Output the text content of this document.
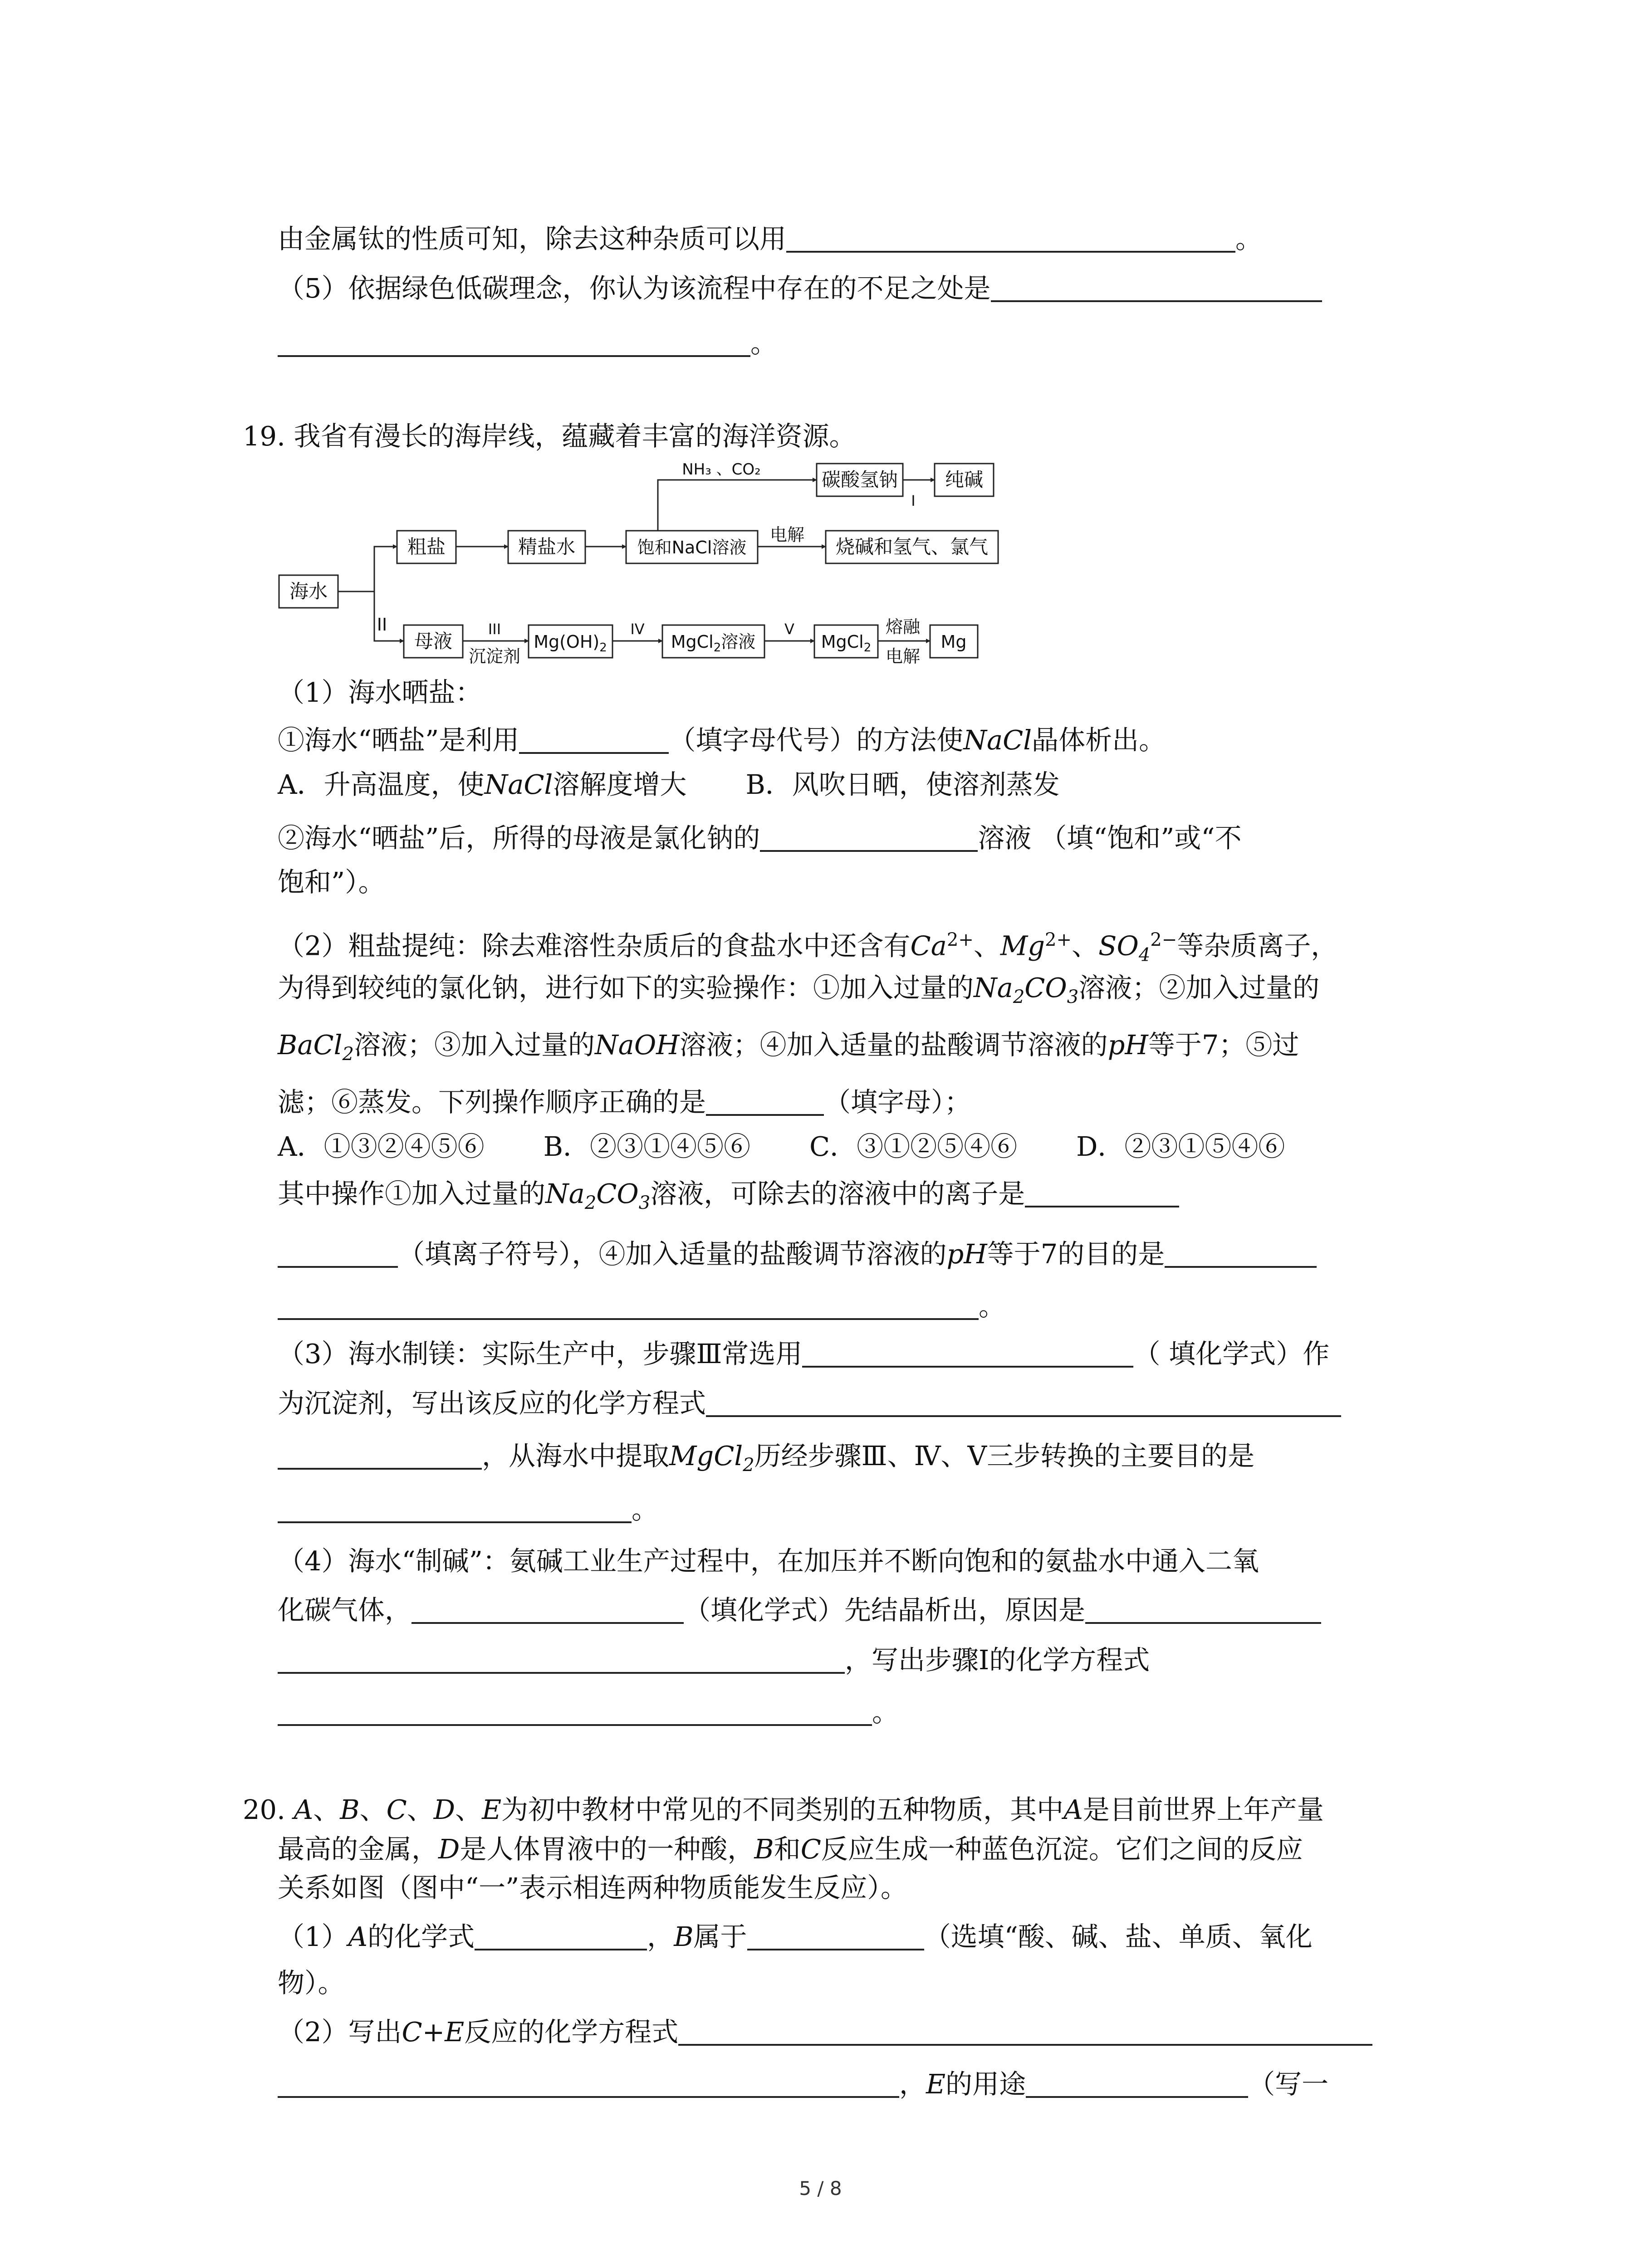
由金属钛的性质可知，除去这种杂质可以用	。
（5）依据绿色低碳理念，你认为该流程中存在的不足之处是
。
19. 我省有漫长的海岸线，蕴藏着丰富的海洋资源。
海水
II
粗盐	精盐水	饱和NaCl溶液
NH₃ 、CO₂
电解
碳酸氢钠
I
纯碱
烧碱和氢气、氯气
母液
III
沉淀剂
$Mg(OH)_2$
IV
MgCl$_2$溶液
V
MgCl$_2$
熔融
电解
Mg
（1）海水晒盐：
①海水“晒盐”是利用	（填字母代号）的方法使NaCl晶体析出。
A．升高温度，使NaCl溶解度增大 B．风吹日晒，使溶剂蒸发
②海水“晒盐”后，所得的母液是氯化钠的	溶液 （填“饱和”或“不
饱和”）。
（2）粗盐提纯：除去难溶性杂质后的食盐水中还含有$Ca^{2+}$、$Mg^{2+}$、$SO_4^{2-}$等杂质离子，
为得到较纯的氯化钠，进行如下的实验操作：①加入过量的$Na_2CO_3$溶液；②加入过量的
BaCl$_2$溶液；③加入过量的NaOH溶液；④加入适量的盐酸调节溶液的pH等于7；⑤过
滤；⑥蒸发。下列操作顺序正确的是	（填字母）；
A．①③②④⑤⑥ B．②③①④⑤⑥ C．③①②⑤④⑥ D．②③①⑤④⑥
其中操作①加入过量的$Na_2CO_3$溶液，可除去的溶液中的离子是
（填离子符号），④加入适量的盐酸调节溶液的pH等于7的目的是
。
（3）海水制镁：实际生产中，步骤Ⅲ常选用	（ 填化学式）作
为沉淀剂，写出该反应的化学方程式
，从海水中提取MgCl$_2$历经步骤Ⅲ、Ⅳ、Ⅴ三步转换的主要目的是
。
（4）海水“制碱”：氨碱工业生产过程中，在加压并不断向饱和的氨盐水中通入二氧
化碳气体，	（填化学式）先结晶析出，原因是
，写出步骤Ⅰ的化学方程式
。
20. A、B、C、D、E为初中教材中常见的不同类别的五种物质，其中A是目前世界上年产量
最高的金属，D是人体胃液中的一种酸，B和C反应生成一种蓝色沉淀。它们之间的反应
关系如图（图中“一”表示相连两种物质能发生反应）。
（1）A的化学式	，B属于	（选填“酸、碱、盐、单质、氧化
物）。
（2）写出C+E反应的化学方程式
，E的用途	（写一
5 / 8
